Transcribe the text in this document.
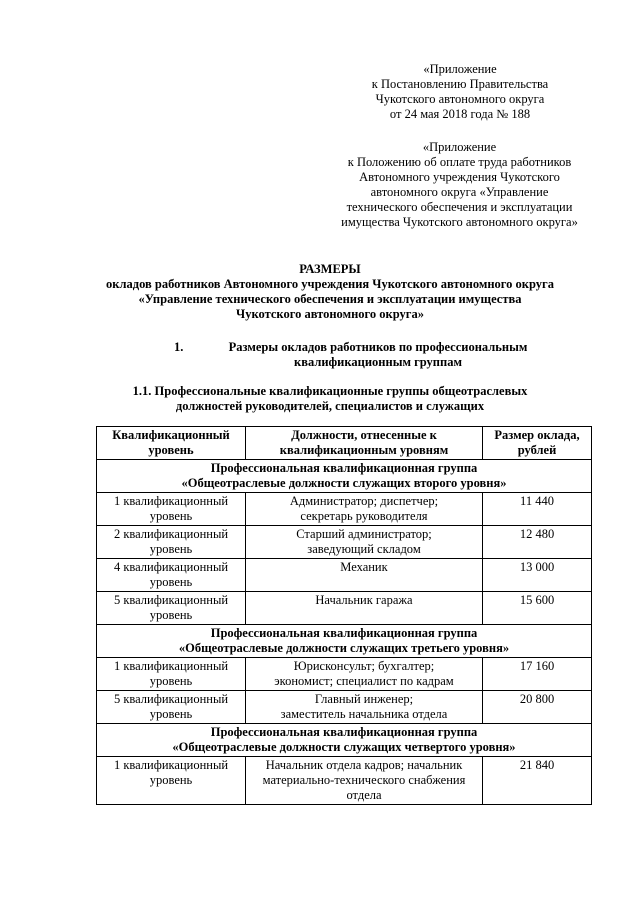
«Приложение
к Постановлению Правительства
Чукотского автономного округа
от 24 мая 2018 года № 188
«Приложение
к Положению об оплате труда работников
Автономного учреждения Чукотского
автономного округа «Управление
технического обеспечения и эксплуатации
имущества Чукотского автономного округа»
РАЗМЕРЫ
окладов работников Автономного учреждения Чукотского автономного округа
«Управление технического обеспечения и эксплуатации имущества
Чукотского автономного округа»
1.	Размеры окладов работников по профессиональным
квалификационным группам
1.1. Профессиональные квалификационные группы общеотраслевых
должностей руководителей, специалистов и служащих
Квалификационный
уровень	Должности, отнесенные к
квалификационным уровням	Размер оклада,
рублей

Профессиональная квалификационная группа
«Общеотраслевые должности служащих второго уровня»		

1 квалификационный
уровень	Администратор; диспетчер;
секретарь руководителя	11 440

2 квалификационный
уровень	Старший администратор;
заведующий складом	12 480

4 квалификационный
уровень	Механик	13 000

5 квалификационный
уровень	Начальник гаража	15 600

Профессиональная квалификационная группа
«Общеотраслевые должности служащих третьего уровня»		

1 квалификационный
уровень	Юрисконсульт; бухгалтер;
экономист; специалист по кадрам	17 160

5 квалификационный
уровень	Главный инженер;
заместитель начальника отдела	20 800

Профессиональная квалификационная группа
«Общеотраслевые должности служащих четвертого уровня»		

1 квалификационный
уровень	Начальник отдела кадров; начальник
материально-технического снабжения
отдела	21 840
